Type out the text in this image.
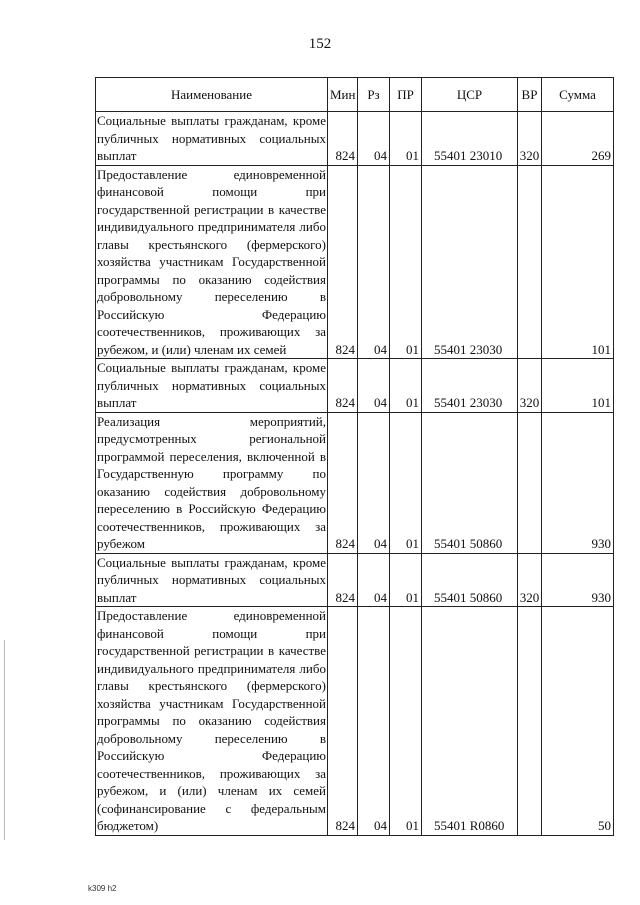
152
Наименование	Мин	Рз	ПР	ЦСР	ВР	Сумма
Социальные выплаты гражданам, кроме публичных нормативных социальных выплат	824	04	01	55401 23010	320	269
Предоставление единовременной финансовой помощи при государственной регистрации в качестве индивидуального предпринимателя либо главы крестьянского (фермерского) хозяйства участникам Государственной программы по оказанию содействия добровольному переселению в Российскую Федерацию соотечественников, проживающих за рубежом, и (или) членам их семей	824	04	01	55401 23030		101
Социальные выплаты гражданам, кроме публичных нормативных социальных выплат	824	04	01	55401 23030	320	101
Реализация мероприятий, предусмотренных региональной программой переселения, включенной в Государственную программу по оказанию содействия добровольному переселению в Российскую Федерацию соотечественников, проживающих за рубежом	824	04	01	55401 50860		930
Социальные выплаты гражданам, кроме публичных нормативных социальных выплат	824	04	01	55401 50860	320	930
Предоставление единовременной финансовой помощи при государственной регистрации в качестве индивидуального предпринимателя либо главы крестьянского (фермерского) хозяйства участникам Государственной программы по оказанию содействия добровольному переселению в Российскую Федерацию соотечественников, проживающих за рубежом, и (или) членам их семей (софинансирование с федеральным бюджетом)	824	04	01	55401 R0860		50
k309 h2
